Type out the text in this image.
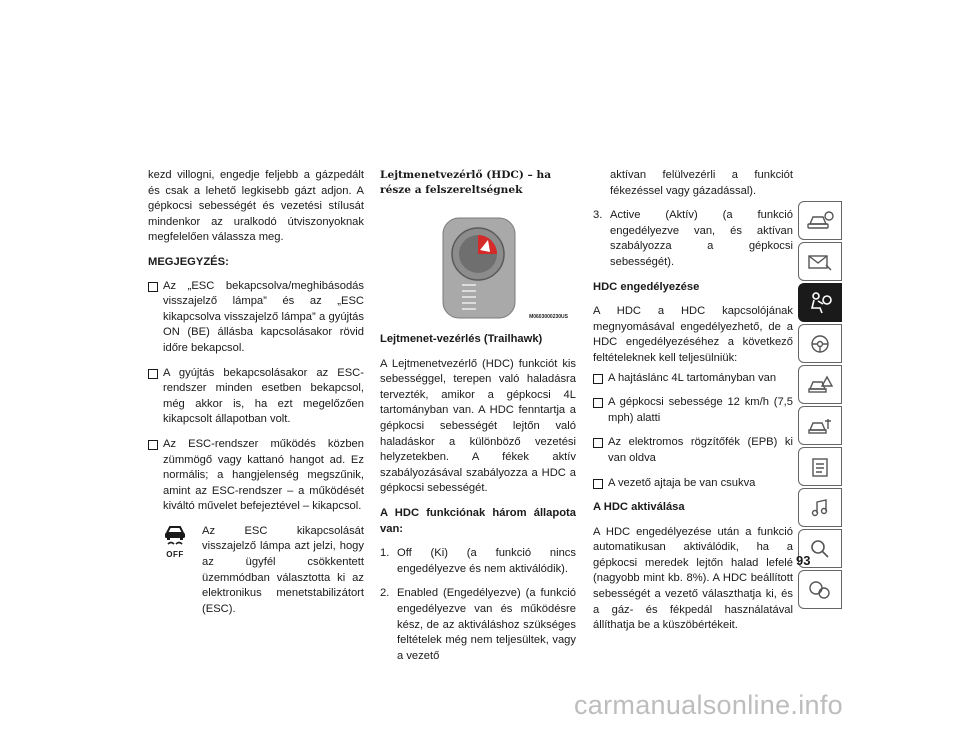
kezd villogni, engedje feljebb a gázpedált és csak a lehető legkisebb gázt adjon. A gépkocsi sebességét és vezetési stílusát mindenkor az uralkodó útviszonyoknak megfelelően válassza meg.

MEGJEGYZÉS:

Az „ESC bekapcsolva/meghibásodás visszajelző lámpa” és az „ESC kikapcsolva visszajelző lámpa” a gyújtás ON (BE) állásba kapcsolásakor rövid időre bekapcsol.
A gyújtás bekapcsolásakor az ESC-rendszer minden esetben bekapcsol, még akkor is, ha ezt megelőzően kikapcsolt állapotban volt.
Az ESC-rendszer működés közben zümmögő vagy kattanó hangot ad. Ez normális; a hangjelenség megszűnik, amint az ESC-rendszer – a működését kiváltó művelet befejeztével – kikapcsol.
OFF

Az ESC kikapcsolását visszajelző lámpa azt jelzi, hogy az ügyfél csökkentett üzemmódban választotta ki az elektronikus menetstabilizátort (ESC).

Lejtmenetvezérlő (HDC) – ha része a felszereltségnek
M0603000230US

Lejtmenet-vezérlés (Trailhawk)

A Lejtmenetvezérlő (HDC) funkciót kis sebességgel, terepen való haladásra tervezték, amikor a gépkocsi 4L tartományban van. A HDC fenntartja a gépkocsi sebességét lejtőn való haladáskor a különböző vezetési helyzetekben. A fékek aktív szabályozásával szabályozza a HDC a gépkocsi sebességét.

A HDC funkciónak három állapota van:

1. Off (Ki) (a funkció nincs engedélyezve és nem aktiválódik).
2. Enabled (Engedélyezve) (a funkció engedélyezve van és működésre kész, de az aktiváláshoz szükséges feltételek még nem teljesültek, vagy a vezető

aktívan felülvezérli a funkciót fékezéssel vagy gázadással).

3. Active (Aktív) (a funkció engedélyezve van, és aktívan szabályozza a gépkocsi sebességét).

HDC engedélyezése

A HDC a HDC kapcsolójának megnyomásával engedélyezhető, de a HDC engedélyezéséhez a következő feltételeknek kell teljesülniük:

A hajtáslánc 4L tartományban van
A gépkocsi sebessége 12 km/h (7,5 mph) alatti
Az elektromos rögzítőfék (EPB) ki van oldva
A vezető ajtaja be van csukva

A HDC aktiválása

A HDC engedélyezése után a funkció automatikusan aktiválódik, ha a gépkocsi meredek lejtőn halad lefelé (nagyobb mint kb. 8%). A HDC beállított sebességét a vezető választhatja ki, és a gáz- és fékpedál használatával állíthatja be a küszöbértékeit.

93
carmanualsonline.info
